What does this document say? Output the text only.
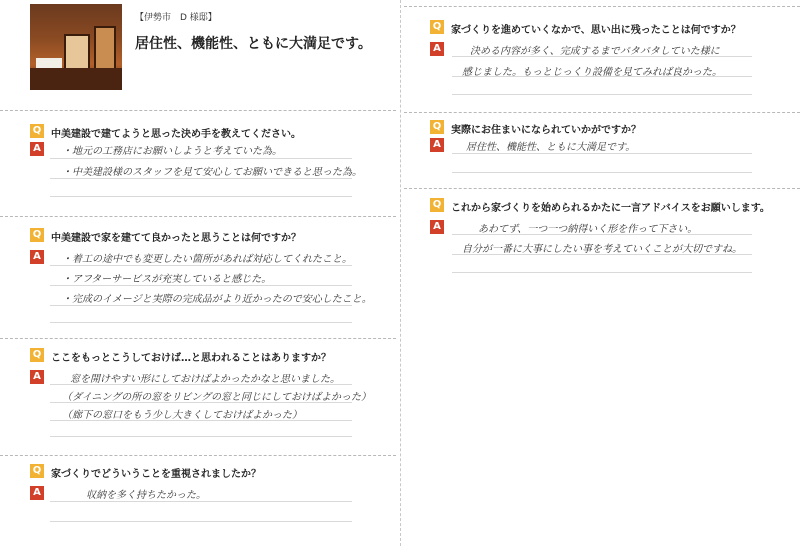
【伊勢市　D 様邸】
居住性、機能性、ともに大満足です。
Q 中美建設で建てようと思った決め手を教えてください。
A	・地元の工務店にお願いしようと考えていた為。
・中美建設様のスタッフを見て安心してお願いできると思った為。
Q 中美建設で家を建てて良かったと思うことは何ですか？
A	・着工の途中でも変更したい箇所があれば対応してくれたこと。
・アフターサービスが充実していると感じた。
・完成のイメージと実際の完成品がより近かったので安心したこと。
Q ここをもっとこうしておけば…と思われることはありますか？
A	窓を開けやすい形にしておけばよかったかなと思いました。
（ダイニングの所の窓をリビングの窓と同じにしておけばよかった）
（廊下の窓口をもう少し大きくしておけばよかった）
Q 家づくりでどういうことを重視されましたか？
A	収納を多く持ちたかった。
Q 家づくりを進めていくなかで、思い出に残ったことは何ですか？
A	決める内容が多く、完成するまでバタバタしていた様に
感じました。もっとじっくり設備を見てみれば良かった。
Q 実際にお住まいになられていかがですか？
A	居住性、機能性、ともに大満足です。
Q これから家づくりを始められるかたに一言アドバイスをお願いします。
A	あわてず、一つ一つ納得いく形を作って下さい。
自分が一番に大事にしたい事を考えていくことが大切ですね。
